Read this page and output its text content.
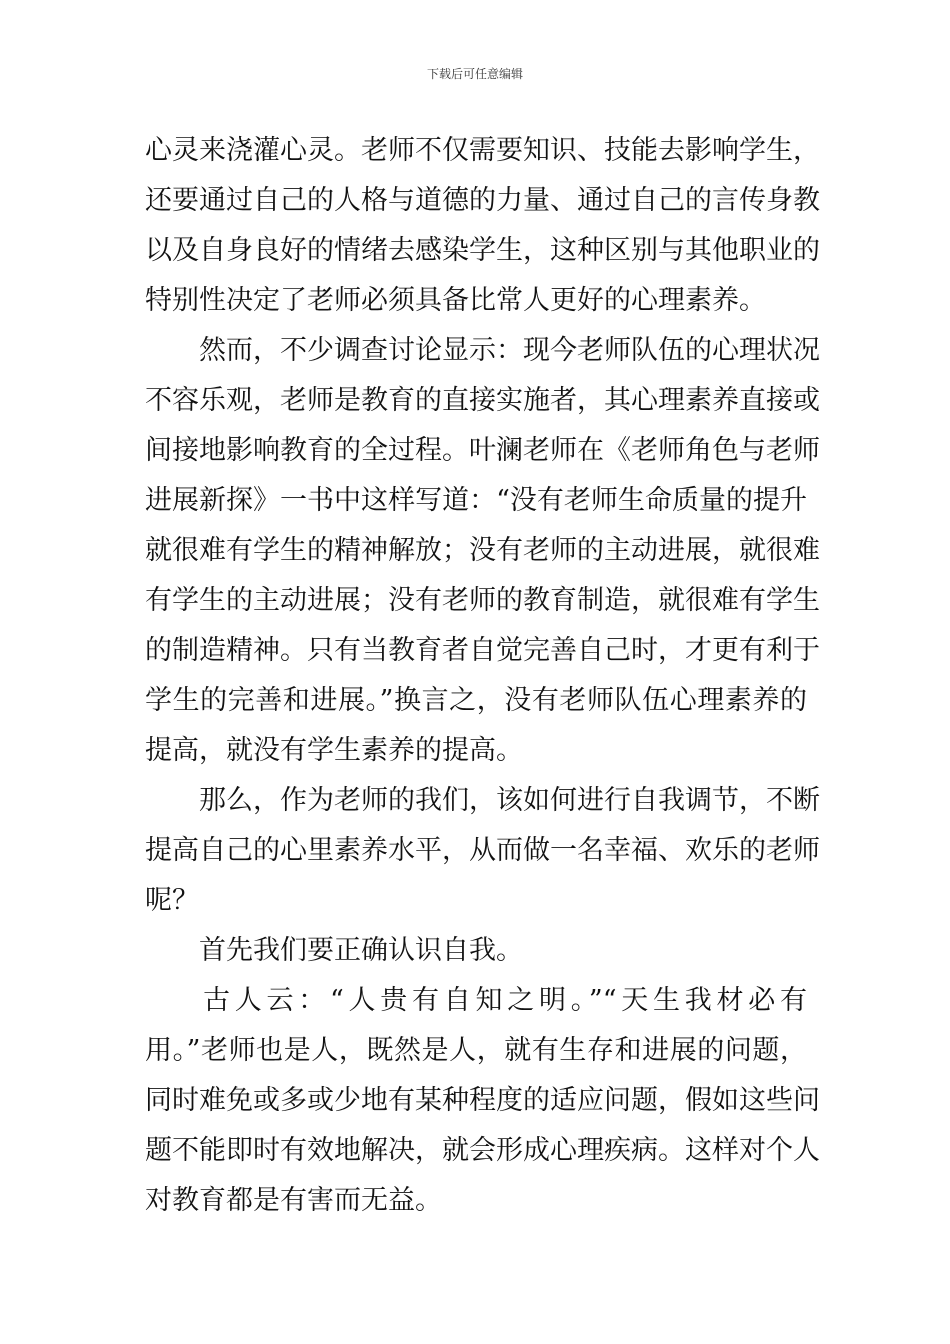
下载后可任意编辑
心灵来浇灌心灵。老师不仅需要知识、技能去影响学生，
还要通过自己的人格与道德的力量、通过自己的言传身教
以及自身良好的情绪去感染学生，这种区别与其他职业的
特别性决定了老师必须具备比常人更好的心理素养。
然而，不少调查讨论显示：现今老师队伍的心理状况
不容乐观，老师是教育的直接实施者，其心理素养直接或
间接地影响教育的全过程。叶澜老师在《老师角色与老师
进展新探》一书中这样写道：“没有老师生命质量的提升
就很难有学生的精神解放；没有老师的主动进展，就很难
有学生的主动进展；没有老师的教育制造，就很难有学生
的制造精神。只有当教育者自觉完善自己时，才更有利于
学生的完善和进展。”换言之，没有老师队伍心理素养的
提高，就没有学生素养的提高。
那么，作为老师的我们，该如何进行自我调节，不断
提高自己的心里素养水平，从而做一名幸福、欢乐的老师
呢？
首先我们要正确认识自我。
古人云：“人贵有自知之明。”“天生我材必有
用。”老师也是人，既然是人，就有生存和进展的问题，
同时难免或多或少地有某种程度的适应问题，假如这些问
题不能即时有效地解决，就会形成心理疾病。这样对个人
对教育都是有害而无益。
